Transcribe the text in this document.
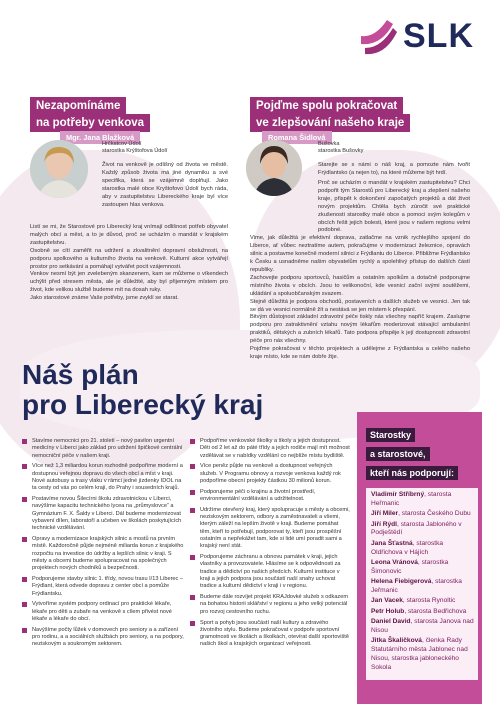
SLK
Nezapomínáme
na potřeby venkova
Mgr. Jana Blažková
Hrčkatcov Údolí
starostka Krýštofova Údolí

Život na venkově je odlišný od života ve městě. Každý způsob života má jiné dynamiku a své specifika, která se vzájemně doplňují. Jako starostka malé obce Kryštofovo Údolí bych ráda, aby v zastupitelstvu Libereckého kraje byl více zastoupen hlas venkova.

Listí se mi, že Starostové pro Liberecký kraj vnímají odlišnost potřeb obyvatel malých obcí a měst, a to je důvod, proč se ucházím o mandát v krajském zastupitelstvu.

Osobně se cítí zaměřit na udržení a zkvalitnění dopravní obslužnosti, na podporu spolkového a kulturního života na venkově. Kulturní akce vytvářejí prostor pro setkávání a pomáhají vytvářet pocit vzájemnosti.

Venkov nesmí být jen zvelebeným skanzenem, kam se můžeme o víkendech uchýlit před stresem města, ale je důležité, aby byl přijemným místem pro život, kde velikou službě budeme mít na dosah ruky.

Jako starostové známe Vaše potřeby, jsme zvyklí se starat.

Pojďme spolu pokračovat
ve zlepšování našeho kraje
Romana Šidlová
Bušovka
starostka Bušovky

Starejte se s námi o náš kraj, a pomozte nám tvořit Frýdlantsko (a nejen to), na které můžeme být hrdí.

Proč se ucházím o mandát v krajském zastupitelstvu? Chci podpořit tým Starostů pro Liberecký kraj a zlepšení našeho kraje, přispět k dokončení započatých projektů a dát život novým projektům. Chtěla bych zúročit své praktické zkušenosti starostky malé obce a pomoci svým kolegům v obcích řešit jejich bolesti, které jsou v našem regionu velmi podobné.

Vime, jak důležitá je efektivní doprava, zatlačme na vznik rychlejšího spojení do Liberce, ať vůbec neztratíme autem, pokračujme v modernizaci železnice, opravách silnic a postavme konečně moderní silnici z Frýdlantu do Liberce. Přibližme Frýdlantsko k Česku a usnadněme našim obyvatelům rychlý a spolehlivý přístup do dalších částí republiky.

Zachovejte podporu sportovců, hasičům a ostatním spolkům a dotačně podporujme místního života v obcích. Jsou to velikonoční, kde vesnicí zační svými soutěžemi, ukládání a spoluobčanským svazem.

Stejně důležitá je podpora obchodů, postaveních a dalších služeb ve vesnici. Jen tak se dá ve vesnici normálně žít a nestává se jen místem k přespání.

Bitvým důstojnost základní zdravotní péče tiskly nás všechny napříč krajem. Zaslujme podporu pro zatraktivnění vztahu novým lékařům moderizovat stávající ambulantní praktiků, dětských a zubních lékařů. Tato podpora přispěje k její dostupnosti zdravotní péče pro nás všechny.

Pojďme pokračovat v těchto projektech a udělejme z Frýdlantska a celého našeho kraje místo, kde se nám dobře žije.

Náš plán
pro Liberecký kraj
Stavíme nemocnici pro 21. století – nový pavilon urgentní medicíny v Liberci jako základ pro udržení špičkové centrální nemocniční péče v našem kraji.
Více než 1,3 miliardou korun rozhodně podpoříme moderní a dostupnou veřejnou dopravu do všech obcí a míst v kraji. Nové autobusy a trasy vlaku v rámci jedné jízdenky IDOL na ta cesty od vás po celém kraji, do Prahy i sousedních krajů.
Postavíme novou Šilecírni školu zdravotnickou v Liberci, navýšíme kapacitu technického lycea na „průmyslovce“ a Gymnázium F. X. Šaldy v Liberci. Dál budeme modernizovat vybavení dílen, laboratoří a učeben ve školách poskytujících technické vzdělávání.
Opravy a modernizace krajských silnic a mostů na prvním místě. Každoročně půjde nejméně miliarda korun z krajského rozpočtu na investice do údržby a lepších silnic v kraji. S městy a obcemi budeme spolupracovat na společných projektech nových chodníků a bezpečnosti.
Podporujeme stavby silnic 1. třídy, novou trasu I/13 Liberec – Frýdlant, která odvede dopravu z center obcí a pomůže Frýdlantsku.
Vytvoříme systém podpory ordinací pro praktické lékaře, lékaře pro děti a zubaře na venkově s cílem přivést nové lékaře a lékaře do obcí.
Navýšíme počty lůžek v domovech pro seniory a a zařízení pro rodinu, a a sociálních službách pro seniory, a na podpory, neziskovým a soukromým sektorem.
Podpoříme venkovské školky a školy a jejich dostupnost. Děti od 2 let až do páté třídy a jejich rodiče mají mít možnost vzdělávat se v nabídky vzdělání co nejblíže místu bydliště.
Více peněz půjde na venkově a dostupnost veřejných služeb. V Programu obnovy a rozvoje venkova každý rok podpoříme obecní projekty částkou 30 milionů korun.
Podporujeme péči o krajinu a životní prostředí, environmentální vzdělávání a udržitelnost.
Udržíme otevřený kraj, který spolupracuje s městy a obcemi, neziskovým sektorem, odbory a zaměstnavateli a všemi, kterým záleží na lepším životě v kraji. Budeme pomáhat těm, kteří to potřebují, podporovat ty, kteří jsou prospěšní ostatním a nepřekážet tam, kde si lidé umí poradit sami a krajský není stát.
Podporujeme záchranu a obnovu památek v kraji, jejich vlastníky a provozovatele. Hlásíme se k odpovědnosti za tradice a dědictví po našich předcích. Kulturní instituce v kraji a jejich podpora jsou součástí naší snahy uchovat tradice a kulturní dědictví v kraji i v regionu.
Budeme dále rozvíjet projekt KRAJdovké služeb s odkazem na bohatou historii sklářství v regionu a jeho velký potenciál pro rozvoj cestovního ruchu.
Sport a pohyb jsou součástí naší kultury a zdravého životního stylu. Budeme pokračovat v podpoře sportovní gramotnosti ve školách a školkách, otevírat další sportoviště našich škol a krajských organizací veřejnosti.
Starostky
a starostové,
kteří nás podporují:
Vladimír Stříbrný, starosta Heřmanic
Jiří Miler, starosta Českého Dubu
Jiří Rýdl, starosta Jabloného v Podještědí
Jana Šťastná, starostka Oldřichova v Hájích
Leona Vránová, starostka Šimonovic
Helena Fiebigerová, starostka Jeřmanic
Jan Vacek, starosta Rynoltic
Petr Holub, starosta Bedřichova
Daniel David, starosta Janova nad Nisou
Jitka Škaličková, členka Rady Statutárního města Jablonec nad Nisou, starostka jabloneckého Sokola
